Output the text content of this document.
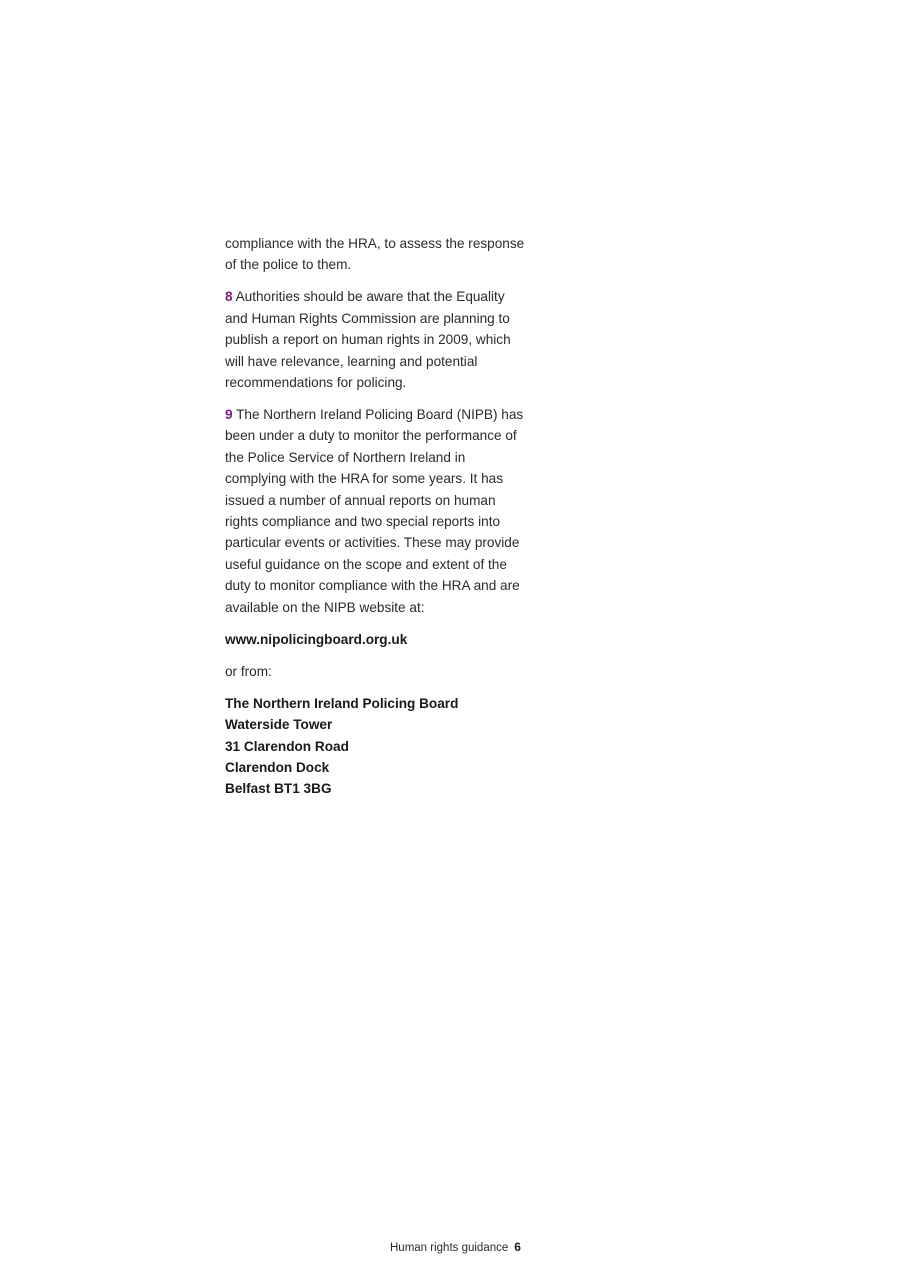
compliance with the HRA, to assess the response of the police to them.

8 Authorities should be aware that the Equality and Human Rights Commission are planning to publish a report on human rights in 2009, which will have relevance, learning and potential recommendations for policing.

9 The Northern Ireland Policing Board (NIPB) has been under a duty to monitor the performance of the Police Service of Northern Ireland in complying with the HRA for some years. It has issued a number of annual reports on human rights compliance and two special reports into particular events or activities. These may provide useful guidance on the scope and extent of the duty to monitor compliance with the HRA and are available on the NIPB website at:

www.nipolicingboard.org.uk

or from:

The Northern Ireland Policing Board
Waterside Tower
31 Clarendon Road
Clarendon Dock
Belfast BT1 3BG

Human rights guidance 6
